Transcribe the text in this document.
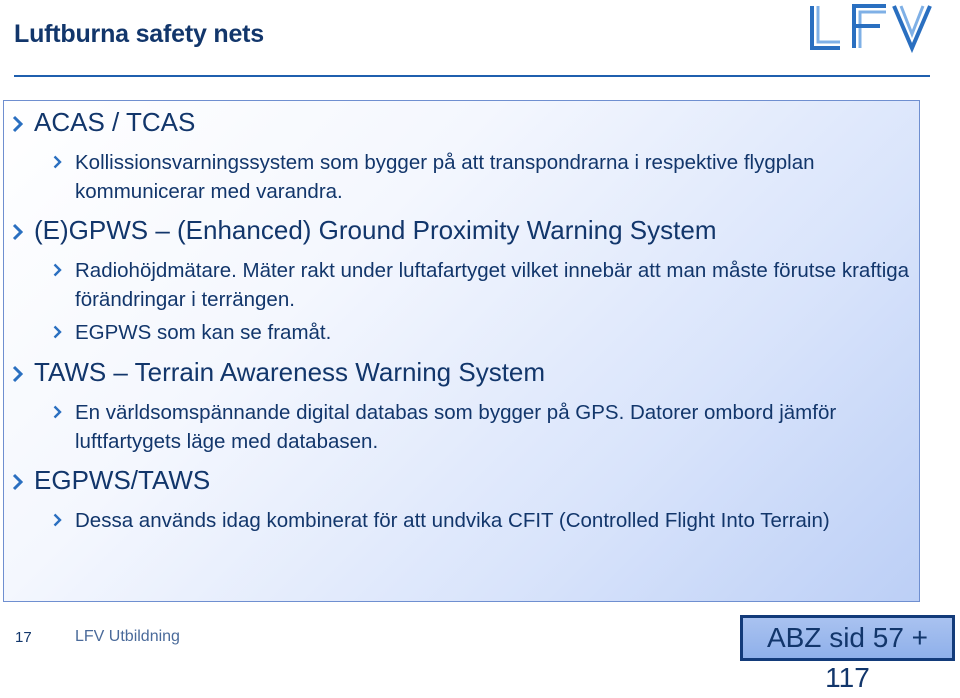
Luftburna safety nets
ACAS / TCAS
Kollissionsvarningssystem som bygger på att transpondrarna i respektive flygplan kommunicerar med varandra.
(E)GPWS – (Enhanced) Ground Proximity Warning System
Radiohöjdmätare. Mäter rakt under luftafartyget vilket innebär att man måste förutse kraftiga förändringar i terrängen.
EGPWS som kan se framåt.
TAWS – Terrain Awareness Warning System
En världsomspännande digital databas som bygger på GPS. Datorer ombord jämför luftfartygets läge med databasen.
EGPWS/TAWS
Dessa används idag kombinerat för att undvika CFIT (Controlled Flight Into Terrain)
17	LFV Utbildning	ABZ sid 57 + 117
